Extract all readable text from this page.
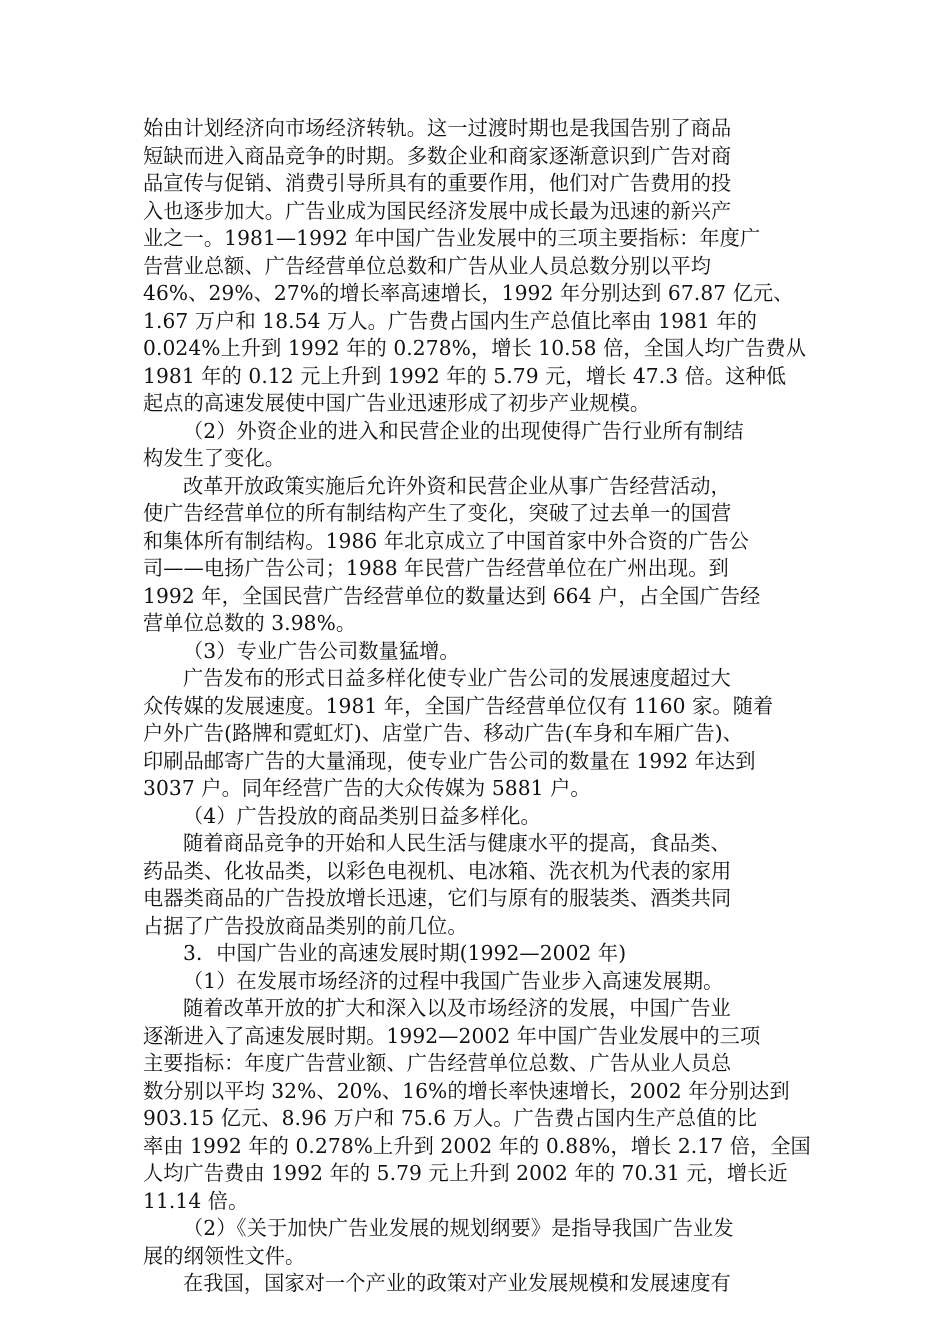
始由计划经济向市场经济转轨。这一过渡时期也是我国告别了商品
短缺而进入商品竞争的时期。多数企业和商家逐渐意识到广告对商
品宣传与促销、消费引导所具有的重要作用，他们对广告费用的投
入也逐步加大。广告业成为国民经济发展中成长最为迅速的新兴产
业之一。1981—1992 年中国广告业发展中的三项主要指标：年度广
告营业总额、广告经营单位总数和广告从业人员总数分别以平均
46%、29%、27%的增长率高速增长，1992 年分别达到 67.87 亿元、
1.67 万户和 18.54 万人。广告费占国内生产总值比率由 1981 年的
0.024%上升到 1992 年的 0.278%，增长 10.58 倍，全国人均广告费从
1981 年的 0.12 元上升到 1992 年的 5.79 元，增长 47.3 倍。这种低
起点的高速发展使中国广告业迅速形成了初步产业规模。
（2）外资企业的进入和民营企业的出现使得广告行业所有制结
构发生了变化。
改革开放政策实施后允许外资和民营企业从事广告经营活动，
使广告经营单位的所有制结构产生了变化，突破了过去单一的国营
和集体所有制结构。1986 年北京成立了中国首家中外合资的广告公
司——电扬广告公司；1988 年民营广告经营单位在广州出现。到
1992 年，全国民营广告经营单位的数量达到 664 户，占全国广告经
营单位总数的 3.98%。
（3）专业广告公司数量猛增。
广告发布的形式日益多样化使专业广告公司的发展速度超过大
众传媒的发展速度。1981 年，全国广告经营单位仅有 1160 家。随着
户外广告(路牌和霓虹灯)、店堂广告、移动广告(车身和车厢广告)、
印刷品邮寄广告的大量涌现，使专业广告公司的数量在 1992 年达到
3037 户。同年经营广告的大众传媒为 5881 户。
（4）广告投放的商品类别日益多样化。
随着商品竞争的开始和人民生活与健康水平的提高，食品类、
药品类、化妆品类，以彩色电视机、电冰箱、洗衣机为代表的家用
电器类商品的广告投放增长迅速，它们与原有的服装类、酒类共同
占据了广告投放商品类别的前几位。
3．中国广告业的高速发展时期(1992—2002 年)
（1）在发展市场经济的过程中我国广告业步入高速发展期。
随着改革开放的扩大和深入以及市场经济的发展，中国广告业
逐渐进入了高速发展时期。1992—2002 年中国广告业发展中的三项
主要指标：年度广告营业额、广告经营单位总数、广告从业人员总
数分别以平均 32%、20%、16%的增长率快速增长，2002 年分别达到
903.15 亿元、8.96 万户和 75.6 万人。广告费占国内生产总值的比
率由 1992 年的 0.278%上升到 2002 年的 0.88%，增长 2.17 倍，全国
人均广告费由 1992 年的 5.79 元上升到 2002 年的 70.31 元，增长近
11.14 倍。
（2）《关于加快广告业发展的规划纲要》是指导我国广告业发
展的纲领性文件。
在我国，国家对一个产业的政策对产业发展规模和发展速度有
